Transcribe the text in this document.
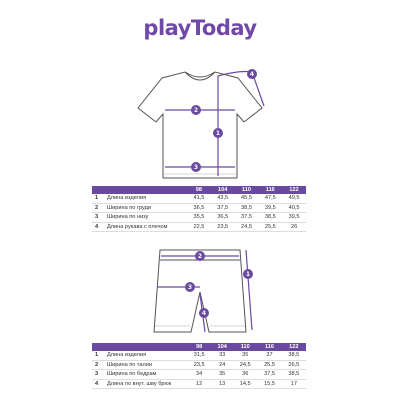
playToday
1
2
3
4
		98	104	110	116	122
1	Длина изделия	41,5	43,5	45,5	47,5	49,5
2	Ширина по груди	36,5	37,5	38,5	39,5	40,5
3	Ширина по низу	35,5	36,5	37,5	38,5	39,5
4	Длина рукава с плечом	22,5	23,5	24,5	25,5	26
1
2
3
4
		98	104	110	116	122
1	Длина изделия	31,5	33	35	37	38,5
2	Ширина по талии	23,5	24	24,5	25,5	26,5
3	Ширина по бедрам	34	35	36	37,5	38,5
4	Длина по внут. шву брюк	12	13	14,5	15,5	17
